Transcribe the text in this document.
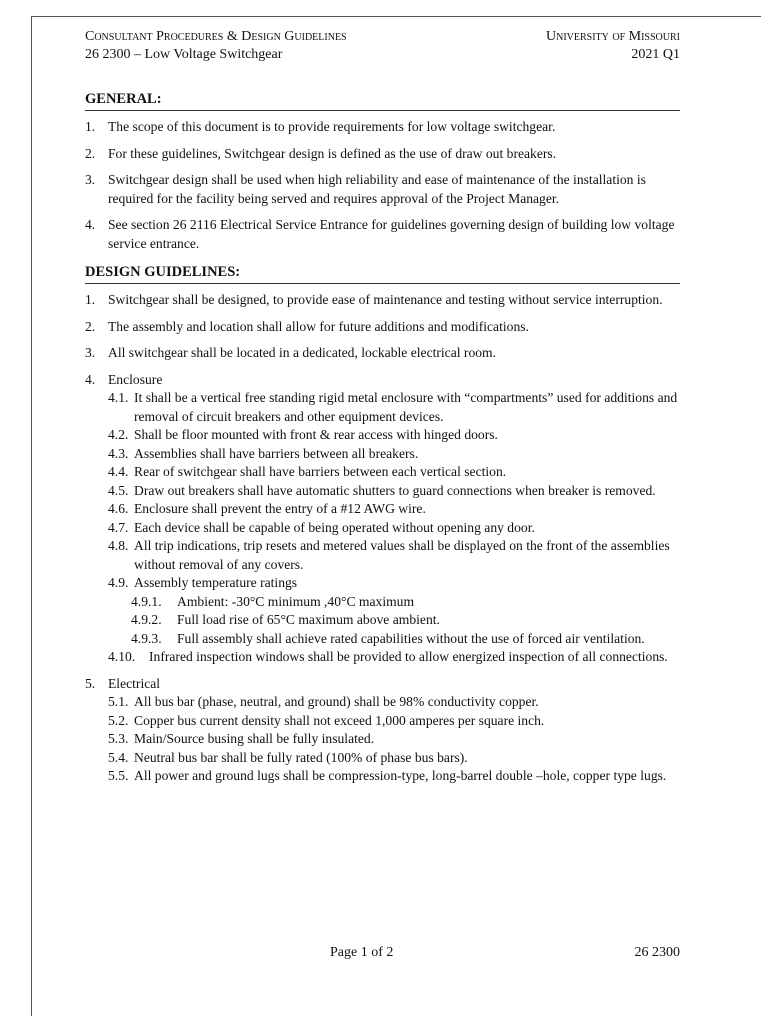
Consultant Procedures & Design Guidelines	University of Missouri
26 2300 – Low Voltage Switchgear	2021 Q1
GENERAL:
1. The scope of this document is to provide requirements for low voltage switchgear.
2. For these guidelines, Switchgear design is defined as the use of draw out breakers.
3. Switchgear design shall be used when high reliability and ease of maintenance of the installation is required for the facility being served and requires approval of the Project Manager.
4. See section 26 2116 Electrical Service Entrance for guidelines governing design of building low voltage service entrance.
DESIGN GUIDELINES:
1. Switchgear shall be designed, to provide ease of maintenance and testing without service interruption.
2. The assembly and location shall allow for future additions and modifications.
3. All switchgear shall be located in a dedicated, lockable electrical room.
4. Enclosure
4.1. It shall be a vertical free standing rigid metal enclosure with “compartments” used for additions and removal of circuit breakers and other equipment devices.
4.2. Shall be floor mounted with front & rear access with hinged doors.
4.3. Assemblies shall have barriers between all breakers.
4.4. Rear of switchgear shall have barriers between each vertical section.
4.5. Draw out breakers shall have automatic shutters to guard connections when breaker is removed.
4.6. Enclosure shall prevent the entry of a #12 AWG wire.
4.7. Each device shall be capable of being operated without opening any door.
4.8. All trip indications, trip resets and metered values shall be displayed on the front of the assemblies without removal of any covers.
4.9. Assembly temperature ratings
4.9.1. Ambient: -30°C minimum ,40°C maximum
4.9.2. Full load rise of 65°C maximum above ambient.
4.9.3. Full assembly shall achieve rated capabilities without the use of forced air ventilation.
4.10. Infrared inspection windows shall be provided to allow energized inspection of all connections.
5. Electrical
5.1. All bus bar (phase, neutral, and ground) shall be 98% conductivity copper.
5.2. Copper bus current density shall not exceed 1,000 amperes per square inch.
5.3. Main/Source busing shall be fully insulated.
5.4. Neutral bus bar shall be fully rated (100% of phase bus bars).
5.5. All power and ground lugs shall be compression-type, long-barrel double –hole, copper type lugs.
Page 1 of 2	26 2300
